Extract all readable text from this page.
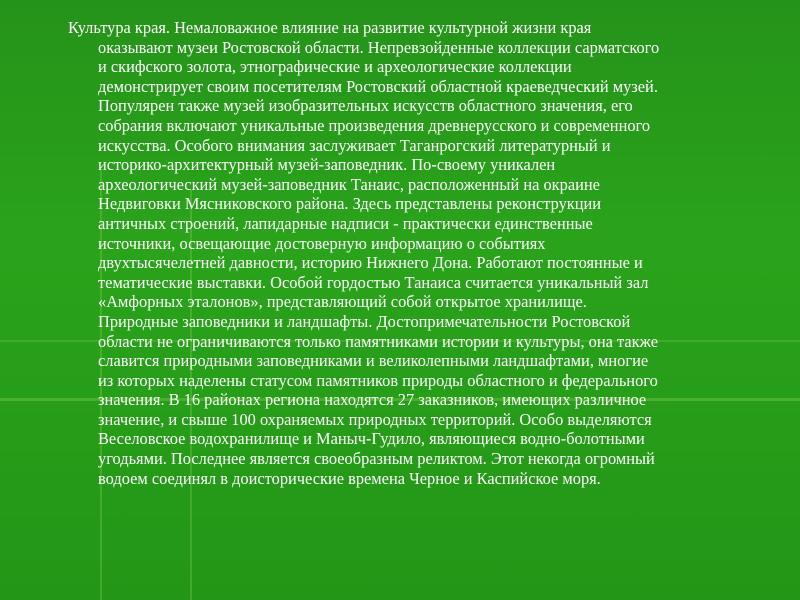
Культура края. Немаловажное влияние на развитие культурной жизни края
оказывают музеи Ростовской области. Непревзойденные коллекции сарматского
и скифского золота, этнографические и археологические коллекции
демонстрирует своим посетителям Ростовский областной краеведческий музей.
Популярен также музей изобразительных искусств областного значения, его
собрания включают уникальные произведения древнерусского и современного
искусства. Особого внимания заслуживает Таганрогский литературный и
историко-архитектурный музей-заповедник. По-своему уникален
археологический музей-заповедник Танаис, расположенный на окраине
Недвиговки Мясниковского района. Здесь представлены реконструкции
античных строений, лапидарные надписи - практически единственные
источники, освещающие достоверную информацию о событиях
двухтысячелетней давности, историю Нижнего Дона. Работают постоянные и
тематические выставки. Особой гордостью Танаиса считается уникальный зал
«Амфорных эталонов», представляющий собой открытое хранилище.
Природные заповедники и ландшафты. Достопримечательности Ростовской
области не ограничиваются только памятниками истории и культуры, она также
славится природными заповедниками и великолепными ландшафтами, многие
из которых наделены статусом памятников природы областного и федерального
значения. В 16 районах региона находятся 27 заказников, имеющих различное
значение, и свыше 100 охраняемых природных территорий. Особо выделяются
Веселовское водохранилище и Маныч-Гудило, являющиеся водно-болотными
угодьями. Последнее является своеобразным реликтом. Этот некогда огромный
водоем соединял в доисторические времена Черное и Каспийское моря.
